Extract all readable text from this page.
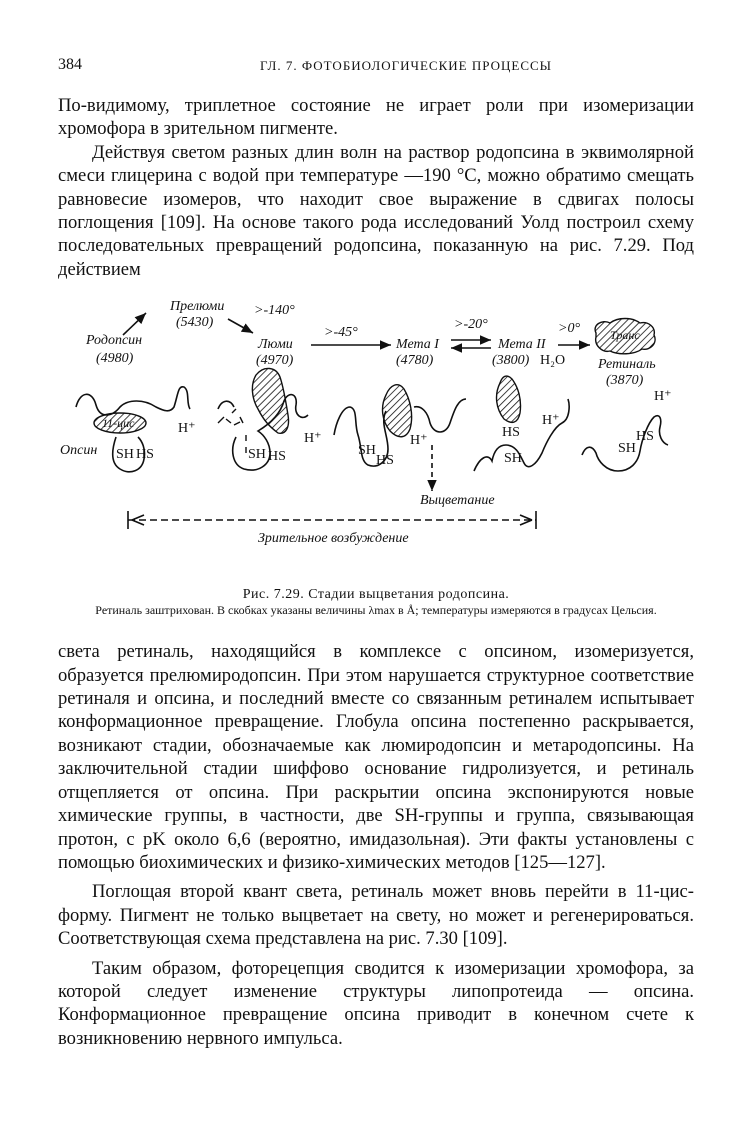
384	ГЛ. 7. ФОТОБИОЛОГИЧЕСКИЕ ПРОЦЕССЫ

По-видимому, триплетное состояние не играет роли при изомеризации хромофора в зрительном пигменте.

Действуя светом разных длин волн на раствор родопсина в эквимолярной смеси глицерина с водой при температуре —190 °С, можно обратимо смещать равновесие изомеров, что находит свое выражение в сдвигах полосы поглощения [109]. На основе такого рода исследований Уолд построил схему последовательных превращений родопсина, показанную на рис. 7.29. Под действием

Прелюми
(5430)
>-140°
Родопсин
(4980)
Люми
(4970)
>-45°
Мета I
(4780)
>-20°
Мета II
(3800) H₂O
>0° Транс
Ретиналь
(3870)
11-цис
Опсин SH HS
H⁺
SH HS
H⁺
SH
HS
H⁺
HS
SH
H⁺
SH
HS
H⁺
Выцветание
Зрительное возбуждение
Рис. 7.29. Стадии выцветания родопсина.
Ретиналь заштрихован. В скобках указаны величины λmax в Å; температуры измеряются в градусах Цельсия.

света ретиналь, находящийся в комплексе с опсином, изомеризуется, образуется прелюмиродопсин. При этом нарушается структурное соответствие ретиналя и опсина, и последний вместе со связанным ретиналем испытывает конформационное превращение. Глобула опсина постепенно раскрывается, возникают стадии, обозначаемые как люмиродопсин и метародопсины. На заключительной стадии шиффово основание гидролизуется, и ретиналь отщепляется от опсина. При раскрытии опсина экспонируются новые химические группы, в частности, две SH-группы и группа, связывающая протон, с pK около 6,6 (вероятно, имидазольная). Эти факты установлены с помощью биохимических и физико-химических методов [125—127].

Поглощая второй квант света, ретиналь может вновь перейти в 11-цис-форму. Пигмент не только выцветает на свету, но может и регенерироваться. Соответствующая схема представлена на рис. 7.30 [109].

Таким образом, фоторецепция сводится к изомеризации хромофора, за которой следует изменение структуры липопротеида — опсина. Конформационное превращение опсина приводит в конечном счете к возникновению нервного импульса.
